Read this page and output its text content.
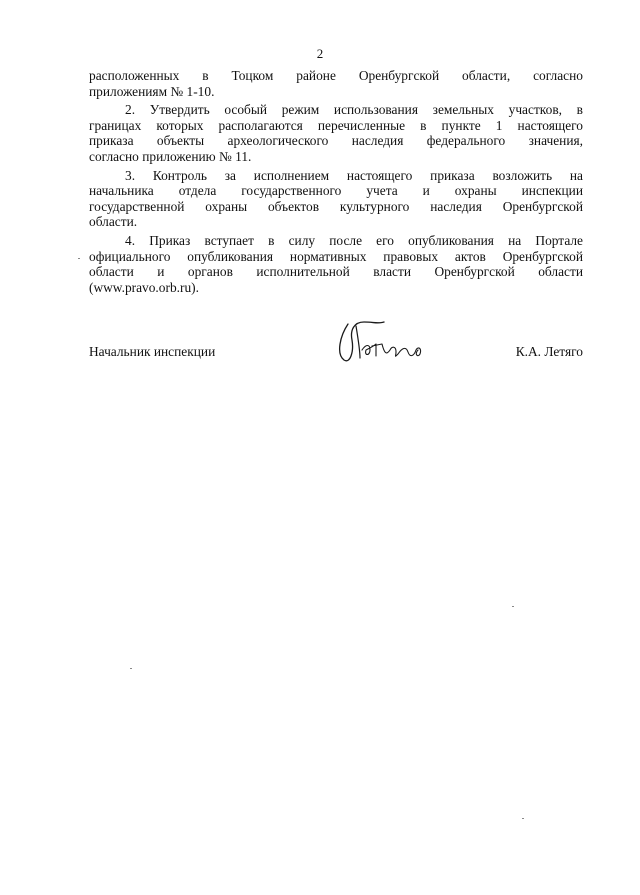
2

расположенных в Тоцком районе Оренбургской области, согласно
приложениям № 1-10.

2. Утвердить особый режим использования земельных участков, в
границах которых располагаются перечисленные в пункте 1 настоящего
приказа объекты археологического наследия федерального значения,
согласно приложению № 11.

3. Контроль за исполнением настоящего приказа возложить на
начальника отдела государственного учета и охраны инспекции
государственной охраны объектов культурного наследия Оренбургской
области.

4. Приказ вступает в силу после его опубликования на Портале
официального опубликования нормативных правовых актов Оренбургской
области и органов исполнительной власти Оренбургской области
(www.pravo.orb.ru).

Начальник инспекции	К.А. Летяго
